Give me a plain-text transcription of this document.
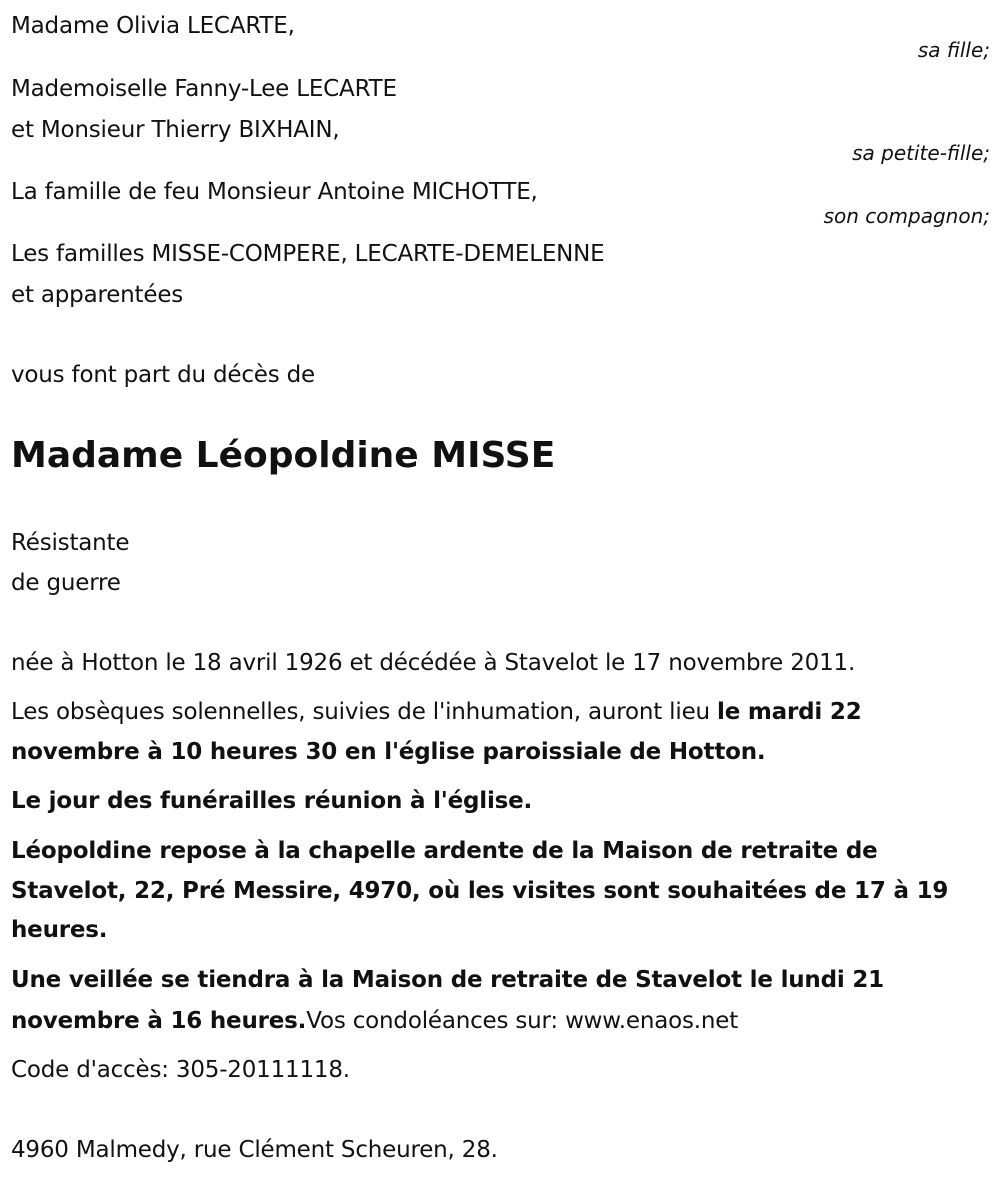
Madame Olivia LECARTE,
sa fille;
Mademoiselle Fanny-Lee LECARTE
et Monsieur Thierry BIXHAIN,
sa petite-fille;
La famille de feu Monsieur Antoine MICHOTTE,
son compagnon;
Les familles MISSE-COMPERE, LECARTE-DEMELENNE
et apparentées
vous font part du décès de
Madame Léopoldine MISSE
Résistante
de guerre
née à Hotton le 18 avril 1926 et décédée à Stavelot le 17 novembre 2011.
Les obsèques solennelles, suivies de l'inhumation, auront lieu le mardi 22
novembre à 10 heures 30 en l'église paroissiale de Hotton.
Le jour des funérailles réunion à l'église.
Léopoldine repose à la chapelle ardente de la Maison de retraite de
Stavelot, 22, Pré Messire, 4970, où les visites sont souhaitées de 17 à 19
heures.
Une veillée se tiendra à la Maison de retraite de Stavelot le lundi 21
novembre à 16 heures.Vos condoléances sur: www.enaos.net
Code d'accès: 305-20111118.
4960 Malmedy, rue Clément Scheuren, 28.
